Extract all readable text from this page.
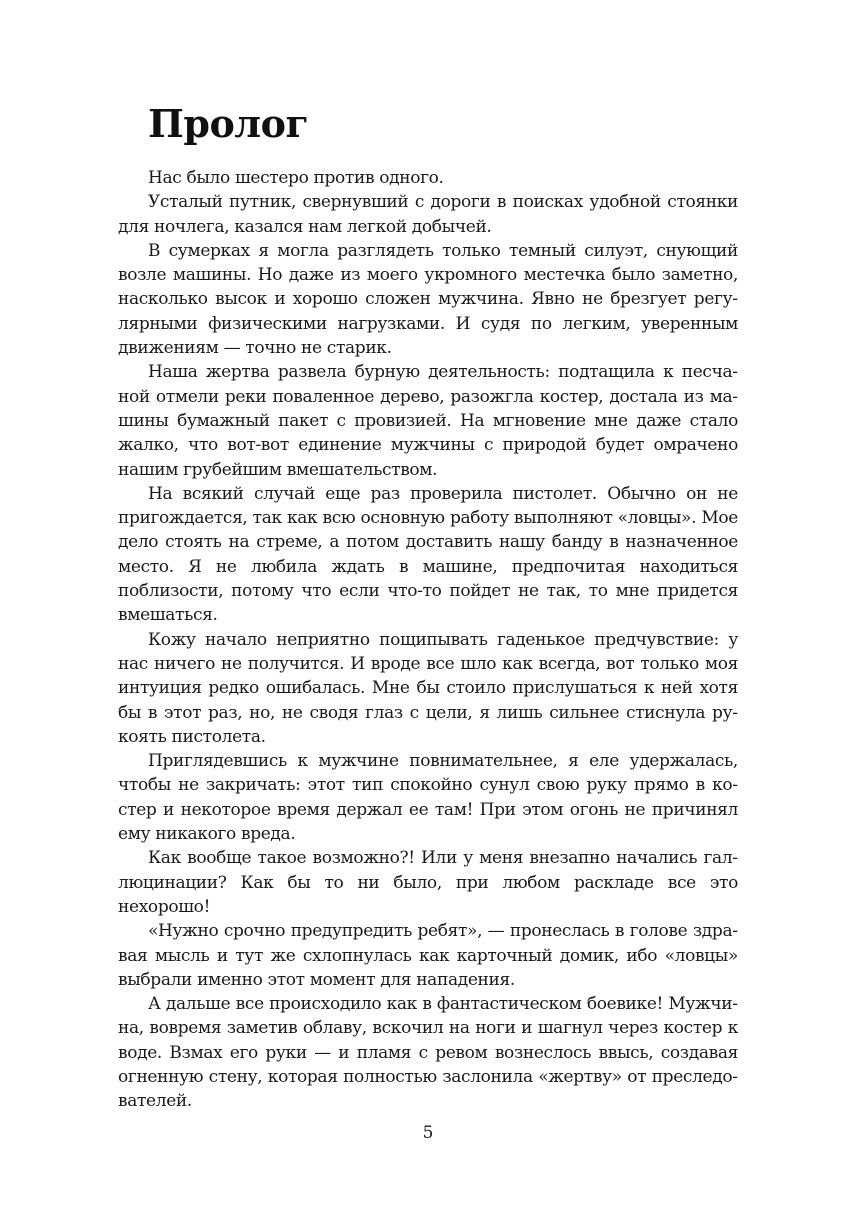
Пролог

Нас было шестеро против одного.

Усталый путник, свернувший с дороги в поисках удобной стоянки для ночлега, казался нам легкой добычей.

В сумерках я могла разглядеть только темный силуэт, снующий возле машины. Но даже из моего укромного местечка было заметно, насколько высок и хорошо сложен мужчина. Явно не брезгует регулярными физическими нагрузками. И судя по легким, уверенным движениям — точно не старик.

Наша жертва развела бурную деятельность: подтащила к песчаной отмели реки поваленное дерево, разожгла костер, достала из машины бумажный пакет с провизией. На мгновение мне даже стало жалко, что вот-вот единение мужчины с природой будет омрачено нашим грубейшим вмешательством.

На всякий случай еще раз проверила пистолет. Обычно он не пригождается, так как всю основную работу выполняют «ловцы». Мое дело стоять на стреме, а потом доставить нашу банду в назначенное место. Я не любила ждать в машине, предпочитая находиться поблизости, потому что если что-то пойдет не так, то мне придется вмешаться.

Кожу начало неприятно пощипывать гаденькое предчувствие: у нас ничего не получится. И вроде все шло как всегда, вот только моя интуиция редко ошибалась. Мне бы стоило прислушаться к ней хотя бы в этот раз, но, не сводя глаз с цели, я лишь сильнее стиснула рукоять пистолета.

Приглядевшись к мужчине повнимательнее, я еле удержалась, чтобы не закричать: этот тип спокойно сунул свою руку прямо в костер и некоторое время держал ее там! При этом огонь не причинял ему никакого вреда.

Как вообще такое возможно?! Или у меня внезапно начались галлюцинации? Как бы то ни было, при любом раскладе все это нехорошо!

«Нужно срочно предупредить ребят», — пронеслась в голове здравая мысль и тут же схлопнулась как карточный домик, ибо «ловцы» выбрали именно этот момент для нападения.

А дальше все происходило как в фантастическом боевике! Мужчина, вовремя заметив облаву, вскочил на ноги и шагнул через костер к воде. Взмах его руки — и пламя с ревом вознеслось ввысь, создавая огненную стену, которая полностью заслонила «жертву» от преследователей.

5
